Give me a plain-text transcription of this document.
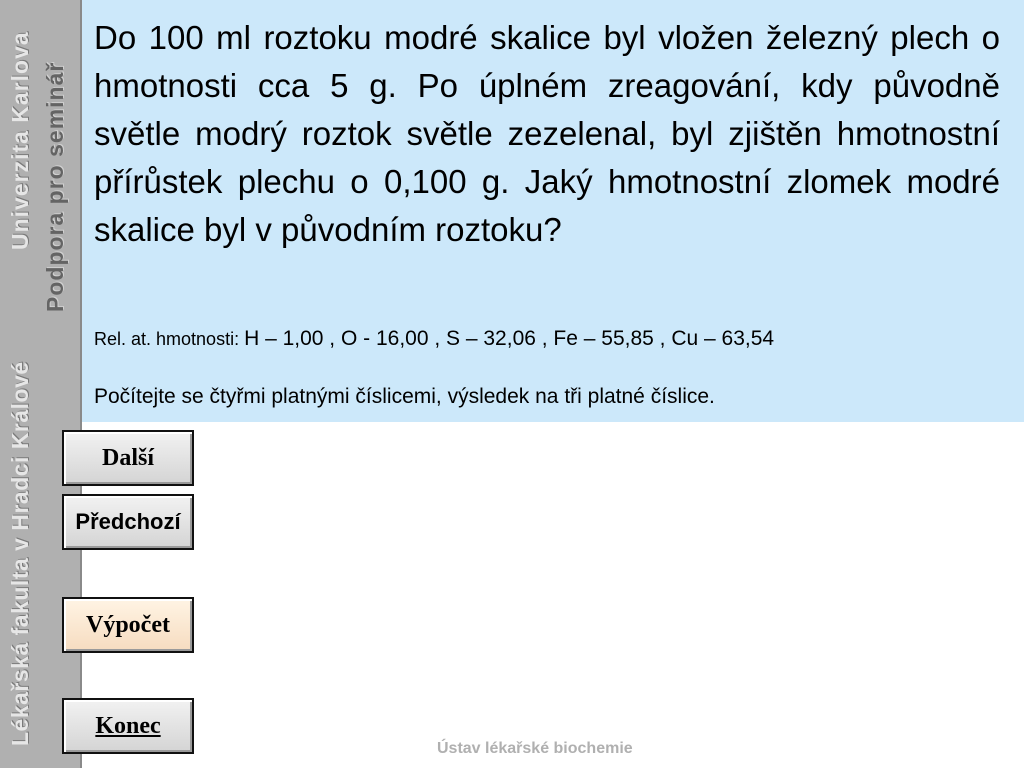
Univerzita Karlova Podpora pro seminář
Lékařská fakulta v Hradci Králové
Do 100 ml roztoku modré skalice byl vložen železný plech o hmotnosti cca 5 g. Po úplném zreagování, kdy původně světle modrý roztok světle zezelenal, byl zjištěn hmotnostní přírůstek plechu o 0,100 g. Jaký hmotnostní zlomek modré skalice byl v původním roztoku?
Rel. at. hmotnosti: H – 1,00 , O - 16,00 , S – 32,06 , Fe – 55,85 , Cu – 63,54
Počítejte se čtyřmi platnými číslicemi, výsledek na tři platné číslice.
Další
Předchozí
Výpočet
Konec
Ústav lékařské biochemie
